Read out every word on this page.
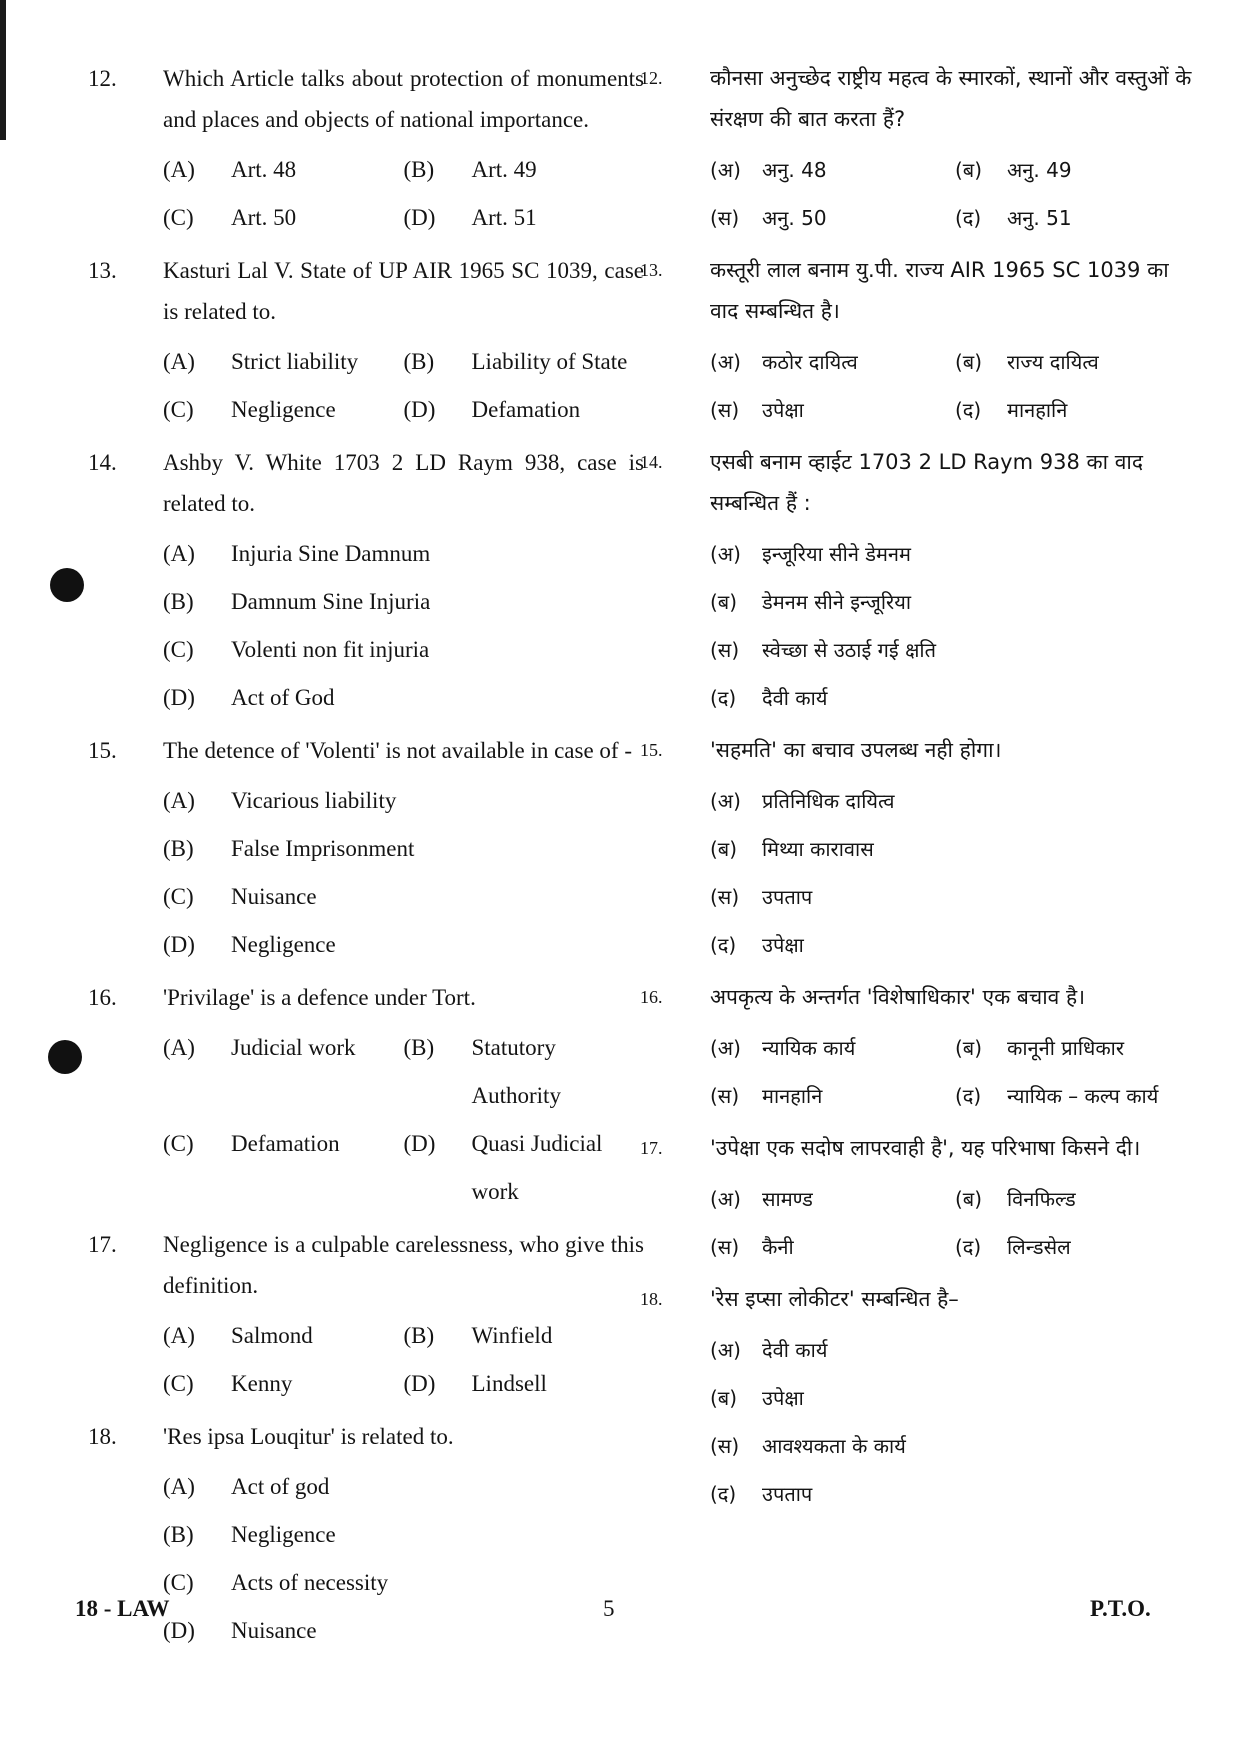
12. Which Article talks about protection of monuments and places and objects of national importance.
(A)	Art. 48	(B)	Art. 49
(C)	Art. 50	(D)	Art. 51
13. Kasturi Lal V. State of UP AIR 1965 SC 1039, case is related to.
(A)	Strict liability	(B)	Liability of State
(C)	Negligence	(D)	Defamation
14. Ashby V. White 1703 2 LD Raym 938, case is related to.
(A)	Injuria Sine Damnum
(B)	Damnum Sine Injuria
(C)	Volenti non fit injuria
(D)	Act of God
15. The detence of 'Volenti' is not available in case of -
(A)	Vicarious liability
(B)	False Imprisonment
(C)	Nuisance
(D)	Negligence
16. 'Privilage' is a defence under Tort.
(A)	Judicial work	(B)	Statutory Authority
(C)	Defamation	(D)	Quasi Judicial work
17. Negligence is a culpable carelessness, who give this definition.
(A)	Salmond	(B)	Winfield
(C)	Kenny	(D)	Lindsell
18. 'Res ipsa Louqitur' is related to.
(A)	Act of god
(B)	Negligence
(C)	Acts of necessity
(D)	Nuisance
12. कौनसा अनुच्छेद राष्ट्रीय महत्व के स्मारकों, स्थानों और वस्तुओं के संरक्षण की बात करता हैं?
(अ)	अनु. 48	(ब)	अनु. 49
(स)	अनु. 50	(द)	अनु. 51
13. कस्तूरी लाल बनाम यु.पी. राज्य AIR 1965 SC 1039 का वाद सम्बन्धित है।
(अ)	कठोर दायित्व	(ब)	राज्य दायित्व
(स)	उपेक्षा	(द)	मानहानि
14. एसबी बनाम व्हाईट 1703 2 LD Raym 938 का वाद सम्बन्धित हैं :
(अ)	इन्जूरिया सीने डेमनम
(ब)	डेमनम सीने इन्जूरिया
(स)	स्वेच्छा से उठाई गई क्षति
(द)	दैवी कार्य
15. 'सहमति' का बचाव उपलब्ध नही होगा।
(अ)	प्रतिनिधिक दायित्व
(ब)	मिथ्या कारावास
(स)	उपताप
(द)	उपेक्षा
16. अपकृत्य के अन्तर्गत 'विशेषाधिकार' एक बचाव है।
(अ)	न्यायिक कार्य	(ब)	कानूनी प्राधिकार
(स)	मानहानि	(द)	न्यायिक – कल्प कार्य
17. 'उपेक्षा एक सदोष लापरवाही है', यह परिभाषा किसने दी।
(अ)	सामण्ड	(ब)	विनफिल्ड
(स)	कैनी	(द)	लिन्डसेल
18. 'रेस इप्सा लोकीटर' सम्बन्धित है–
(अ)	देवी कार्य
(ब)	उपेक्षा
(स)	आवश्यकता के कार्य
(द)	उपताप
18 - LAW	5	P.T.O.
